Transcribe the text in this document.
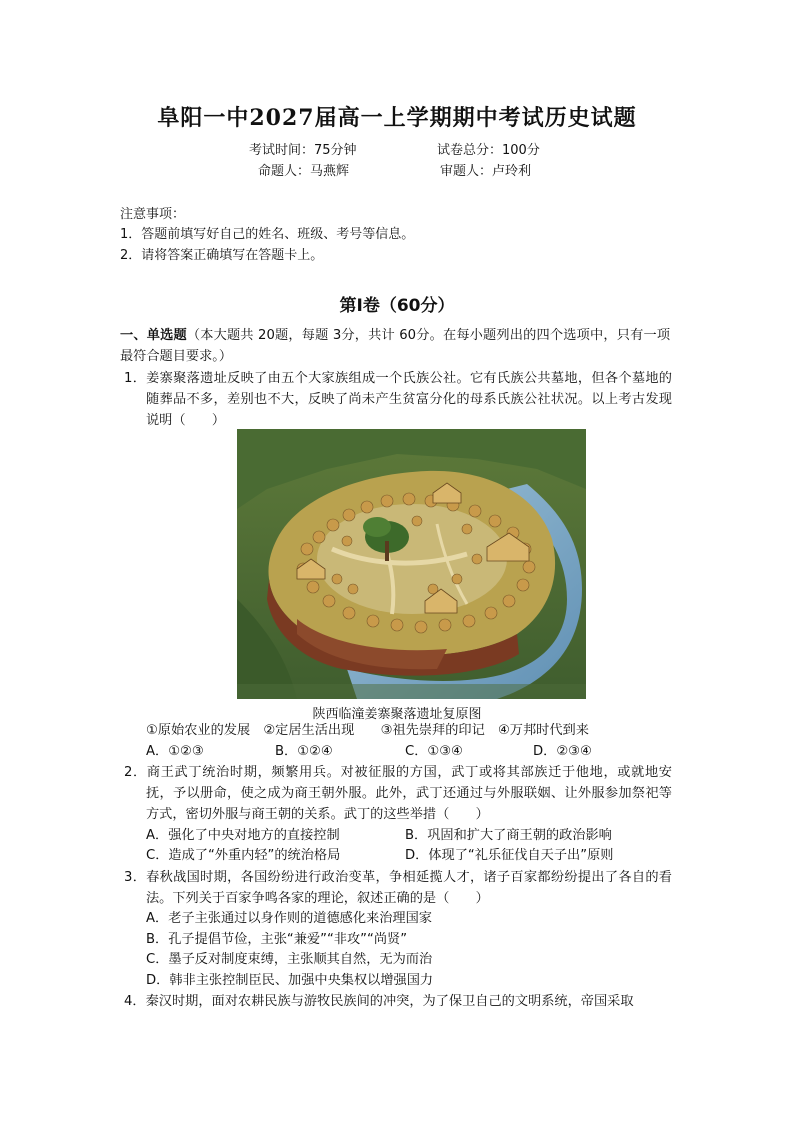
阜阳一中2027届高一上学期期中考试历史试题
考试时间：75分钟	试卷总分：100分
命题人：马燕辉	审题人：卢玲利
注意事项：
1．答题前填写好自己的姓名、班级、考号等信息。
2．请将答案正确填写在答题卡上。
第Ⅰ卷（60分）
一、单选题（本大题共 20题，每题 3分，共计 60分。在每小题列出的四个选项中，只有一项最符合题目要求。）
1．姜寨聚落遗址反映了由五个大家族组成一个氏族公社。它有氏族公共墓地，但各个墓地的随葬品不多，差别也不大，反映了尚未产生贫富分化的母系氏族公社状况。以上考古发现说明（　　）
陕西临潼姜寨聚落遗址复原图
①原始农业的发展　②定居生活出现　　③祖先崇拜的印记　④万邦时代到来
A．①②③	B．①②④	C．①③④	D．②③④
2．商王武丁统治时期，频繁用兵。对被征服的方国，武丁或将其部族迁于他地，或就地安抚，予以册命，使之成为商王朝外服。此外，武丁还通过与外服联姻、让外服参加祭祀等方式，密切外服与商王朝的关系。武丁的这些举措（　　）
A．强化了中央对地方的直接控制	B．巩固和扩大了商王朝的政治影响
C．造成了“外重内轻”的统治格局	D．体现了“礼乐征伐自天子出”原则
3．春秋战国时期，各国纷纷进行政治变革，争相延揽人才，诸子百家都纷纷提出了各自的看法。下列关于百家争鸣各家的理论，叙述正确的是（　　）
A．老子主张通过以身作则的道德感化来治理国家
B．孔子提倡节俭，主张“兼爱”“非攻”“尚贤”
C．墨子反对制度束缚，主张顺其自然，无为而治
D．韩非主张控制臣民、加强中央集权以增强国力
4．秦汉时期，面对农耕民族与游牧民族间的冲突，为了保卫自己的文明系统，帝国采取
